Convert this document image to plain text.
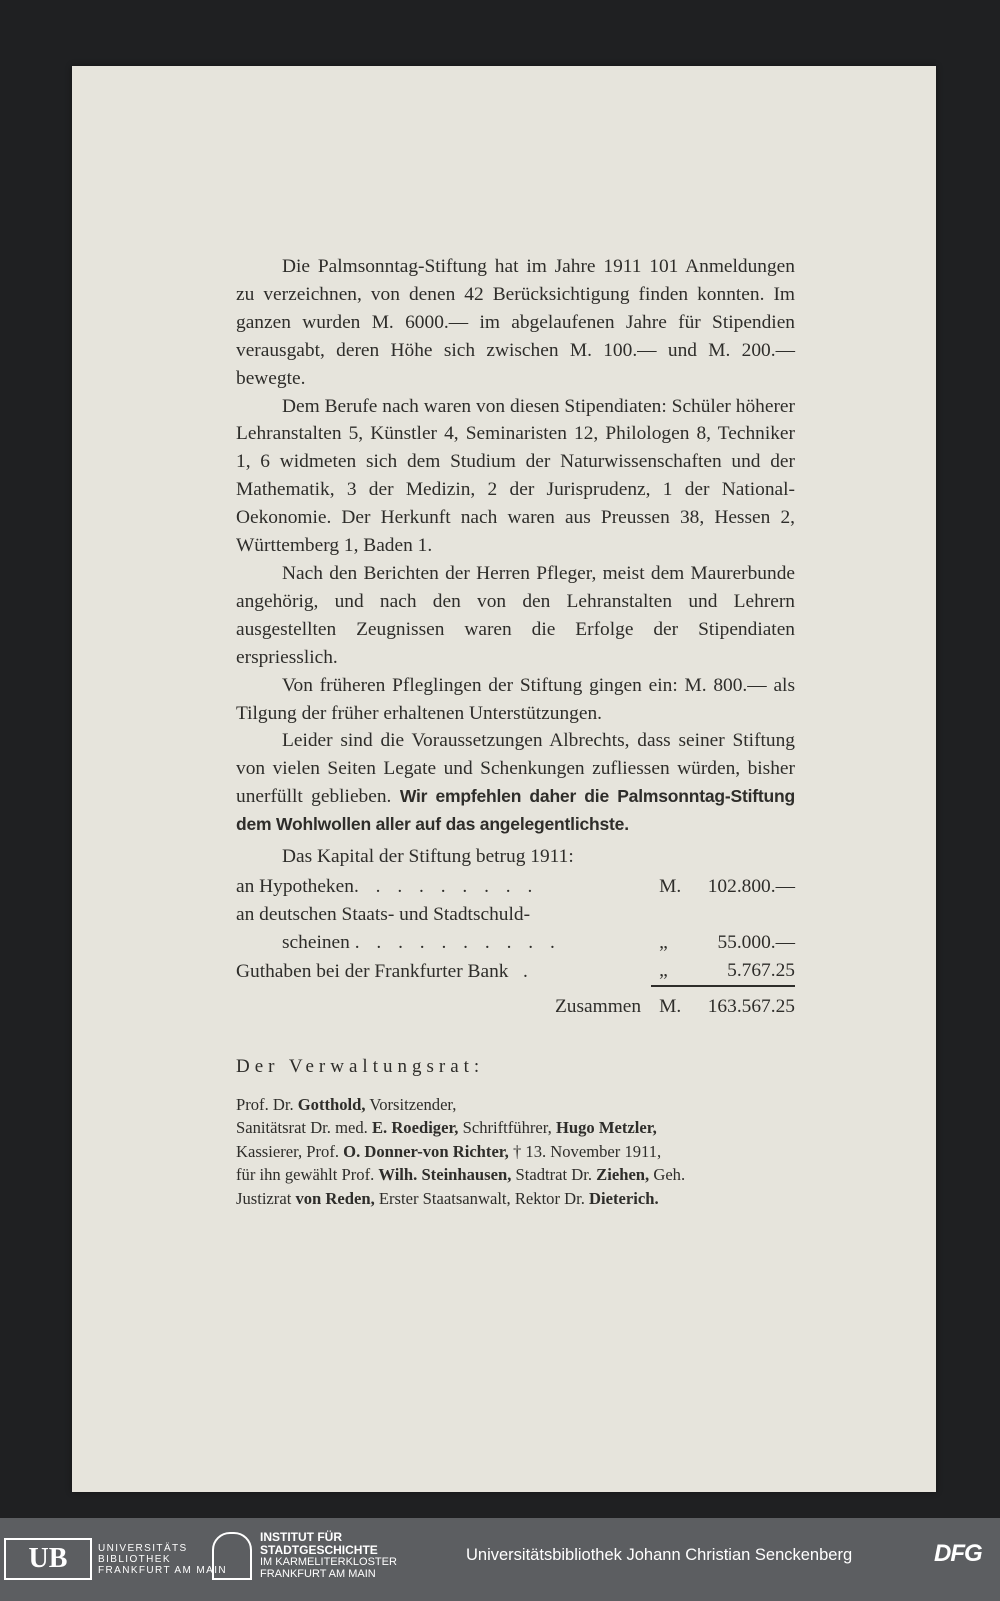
Die Palmsonntag-Stiftung hat im Jahre 1911 101 Anmeldungen zu verzeichnen, von denen 42 Berücksichtigung finden konnten. Im ganzen wurden M. 6000.— im abgelaufenen Jahre für Stipendien verausgabt, deren Höhe sich zwischen M. 100.— und M. 200.— bewegte.

Dem Berufe nach waren von diesen Stipendiaten: Schüler höherer Lehranstalten 5, Künstler 4, Seminaristen 12, Philologen 8, Techniker 1, 6 widmeten sich dem Studium der Naturwissenschaften und der Mathematik, 3 der Medizin, 2 der Jurisprudenz, 1 der National-Oekonomie. Der Herkunft nach waren aus Preussen 38, Hessen 2, Württemberg 1, Baden 1.

Nach den Berichten der Herren Pfleger, meist dem Maurerbunde angehörig, und nach den von den Lehranstalten und Lehrern ausgestellten Zeugnissen waren die Erfolge der Stipendiaten erspriesslich.

Von früheren Pfleglingen der Stiftung gingen ein: M. 800.— als Tilgung der früher erhaltenen Unterstützungen.

Leider sind die Voraussetzungen Albrechts, dass seiner Stiftung von vielen Seiten Legate und Schenkungen zufliessen würden, bisher unerfüllt geblieben. Wir empfehlen daher die Palmsonntag-Stiftung dem Wohlwollen aller auf das angelegentlichste.

Das Kapital der Stiftung betrug 1911:

an Hypotheken. . . . . . . . .	M.	102.800.—
an deutschen Staats- und Stadtschuld-		
scheinen . . . . . . . . . .	„	55.000.—
Guthaben bei der Frankfurter Bank .	„	5.767.25
Zusammen	M.	163.567.25

Der Verwaltungsrat:

Prof. Dr. Gotthold, Vorsitzender,

Sanitätsrat Dr. med. E. Roediger, Schriftführer, Hugo Metzler,

Kassierer, Prof. O. Donner-von Richter, † 13. November 1911,

für ihn gewählt Prof. Wilh. Steinhausen, Stadtrat Dr. Ziehen, Geh.

Justizrat von Reden, Erster Staatsanwalt, Rektor Dr. Dieterich.

UB	UNIVERSITÄTS
BIBLIOTHEK
FRANKFURT AM MAIN
INSTITUT FÜR
STADTGESCHICHTE
IM KARMELITERKLOSTER
FRANKFURT AM MAIN
Universitätsbibliothek Johann Christian Senckenberg	DFG
